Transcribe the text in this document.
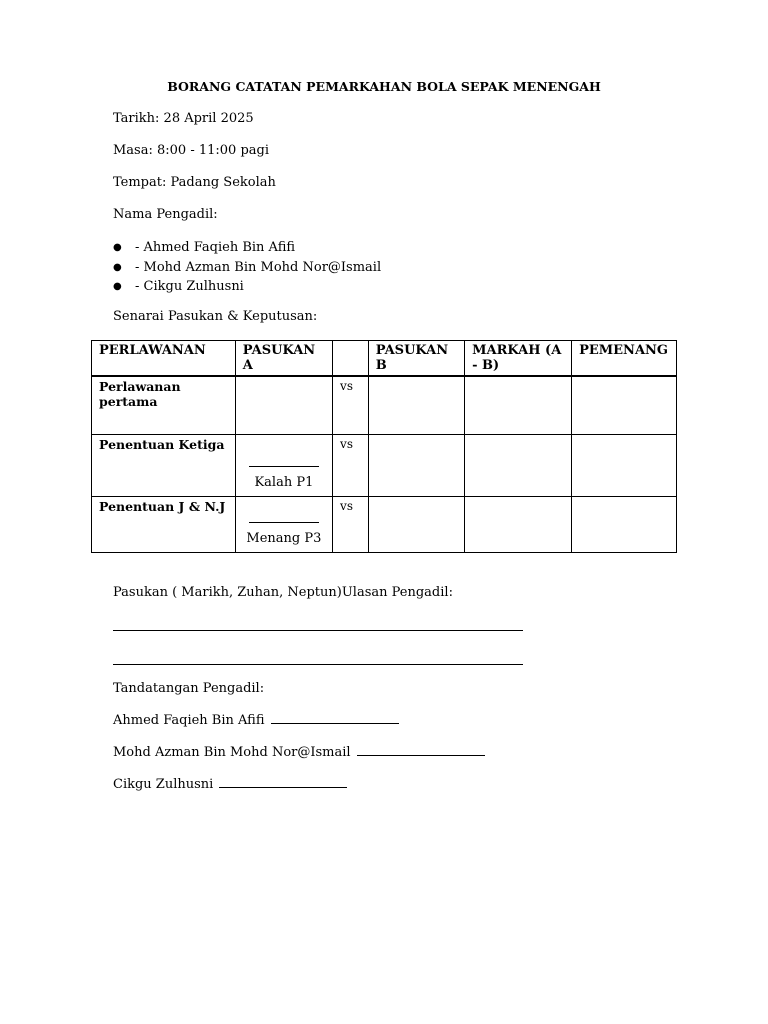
BORANG CATATAN PEMARKAHAN BOLA SEPAK MENENGAH
Tarikh: 28 April 2025
Masa: 8:00 - 11:00 pagi
Tempat: Padang Sekolah
Nama Pengadil:
● - Ahmed Faqieh Bin Afifi
● - Mohd Azman Bin Mohd Nor@Ismail
● - Cikgu Zulhusni
Senarai Pasukan & Keputusan:
PERLAWANAN	PASUKAN A		PASUKAN B	MARKAH (A - B)	PEMENANG
Perlawanan pertama		vs			
Penentuan Ketiga	Kalah P1	vs			
Penentuan J & N.J	Menang P3	vs			
Pasukan ( Marikh, Zuhan, Neptun)Ulasan Pengadil:
Tandatangan Pengadil:
Ahmed Faqieh Bin Afifi
Mohd Azman Bin Mohd Nor@Ismail
Cikgu Zulhusni
